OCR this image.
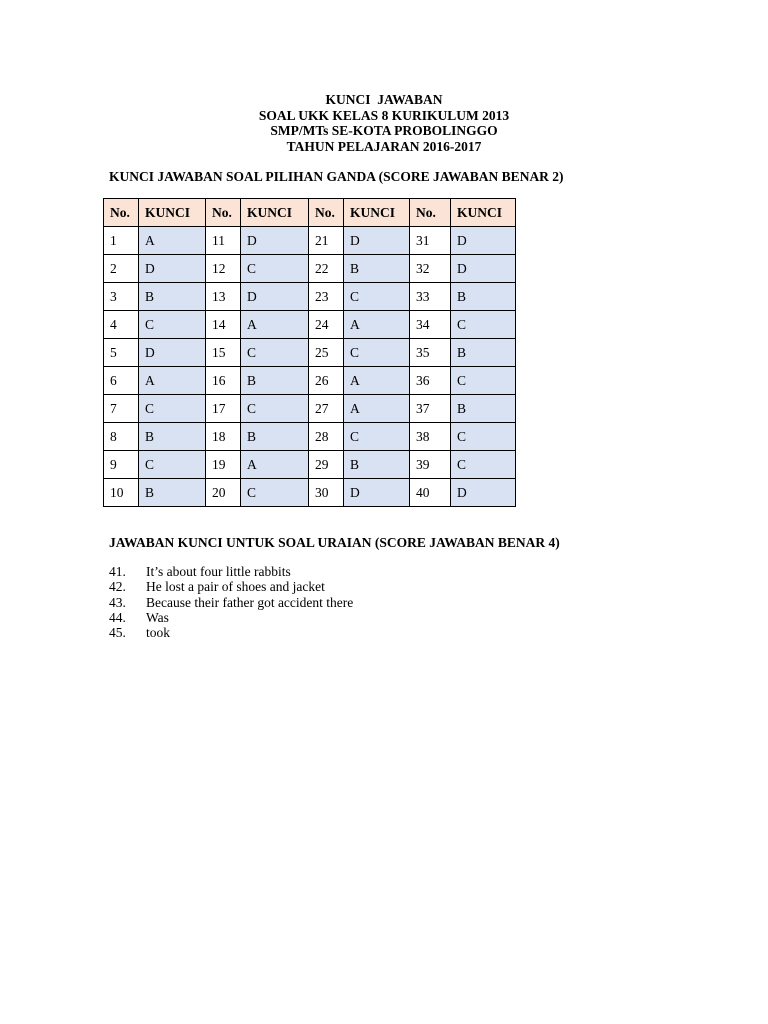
KUNCI  JAWABAN
SOAL UKK KELAS 8 KURIKULUM 2013
SMP/MTs SE-KOTA PROBOLINGGO
TAHUN PELAJARAN 2016-2017
KUNCI JAWABAN SOAL PILIHAN GANDA (SCORE JAWABAN BENAR 2)
No.	KUNCI	No.	KUNCI	No.	KUNCI	No.	KUNCI
1	A	11	D	21	D	31	D
2	D	12	C	22	B	32	D
3	B	13	D	23	C	33	B
4	C	14	A	24	A	34	C
5	D	15	C	25	C	35	B
6	A	16	B	26	A	36	C
7	C	17	C	27	A	37	B
8	B	18	B	28	C	38	C
9	C	19	A	29	B	39	C
10	B	20	C	30	D	40	D
JAWABAN KUNCI UNTUK SOAL URAIAN (SCORE JAWABAN BENAR 4)
41.	It’s about four little rabbits
42.	He lost a pair of shoes and jacket
43.	Because their father got accident there
44.	Was
45.	took
